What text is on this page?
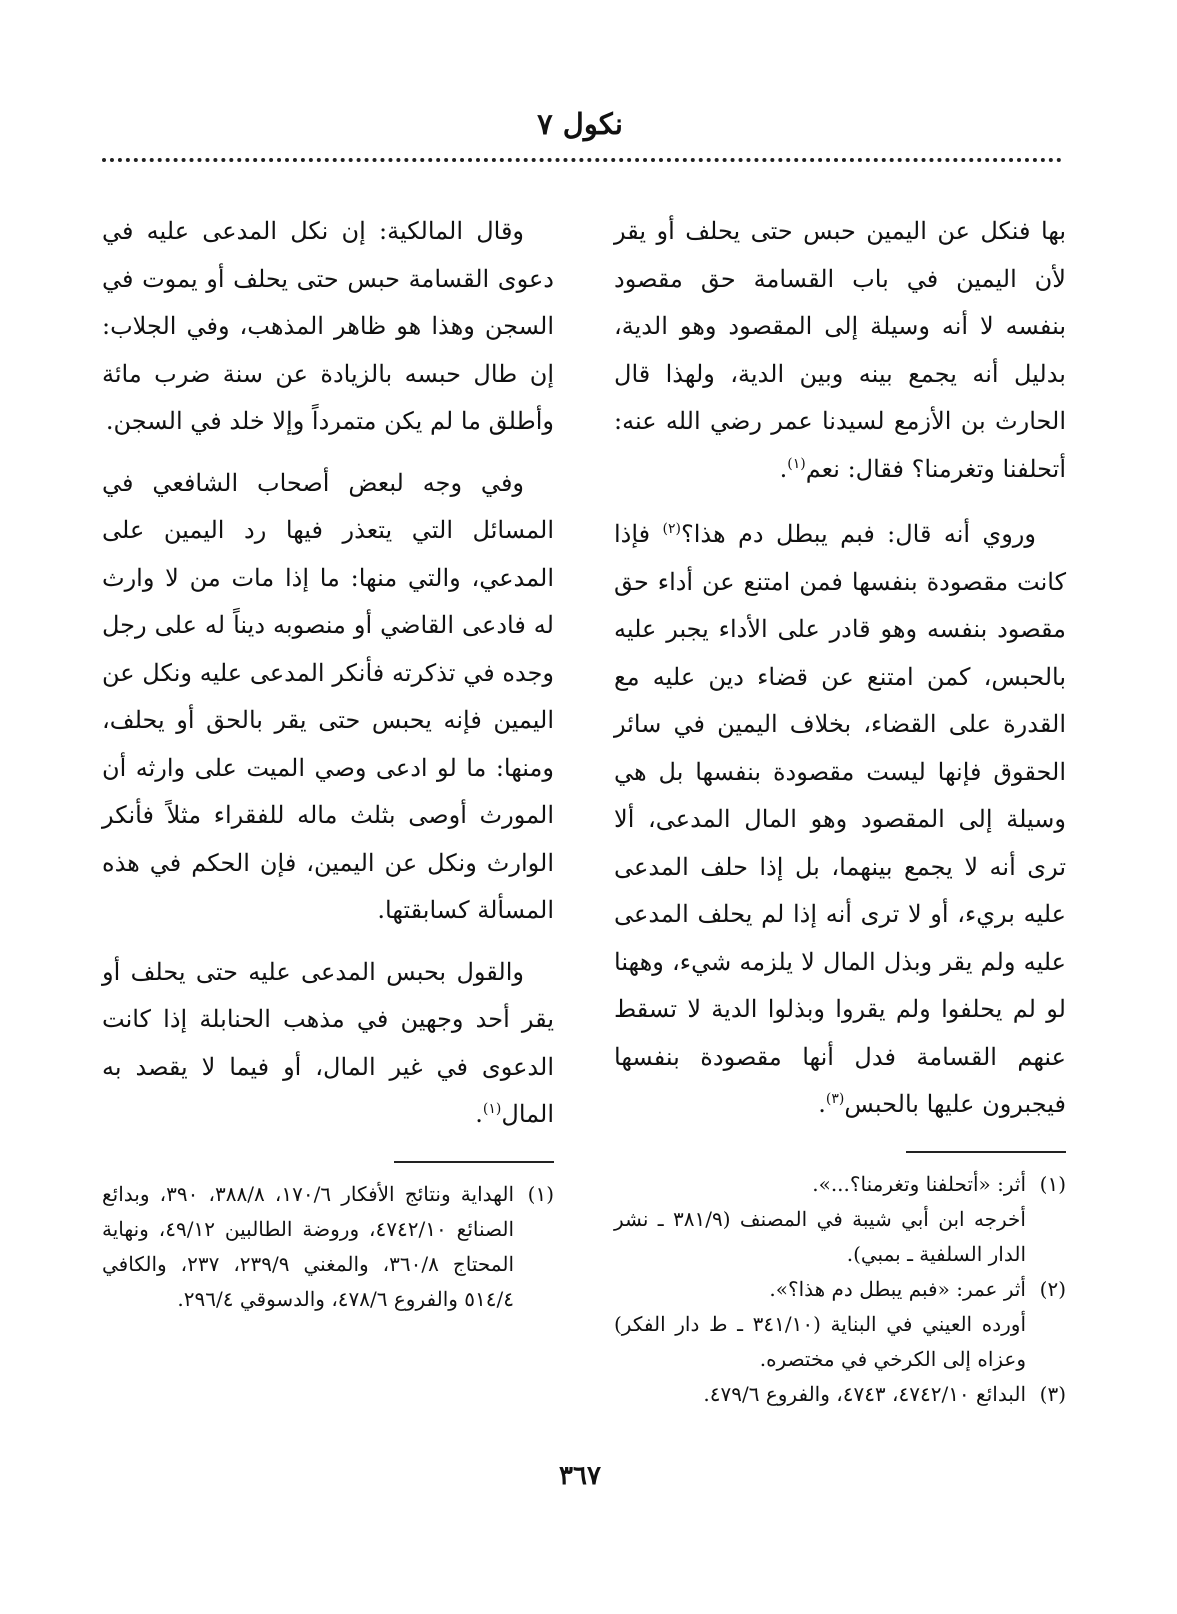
نكول ٧

بها فنكل عن اليمين حبس حتى يحلف أو يقر لأن اليمين في باب القسامة حق مقصود بنفسه لا أنه وسيلة إلى المقصود وهو الدية، بدليل أنه يجمع بينه وبين الدية، ولهذا قال الحارث بن الأزمع لسيدنا عمر رضي الله عنه: أتحلفنا وتغرمنا؟ فقال: نعم$^{(١)}$.

وروي أنه قال: فبم يبطل دم هذا؟$^{(٢)}$ فإذا كانت مقصودة بنفسها فمن امتنع عن أداء حق مقصود بنفسه وهو قادر على الأداء يجبر عليه بالحبس، كمن امتنع عن قضاء دين عليه مع القدرة على القضاء، بخلاف اليمين في سائر الحقوق فإنها ليست مقصودة بنفسها بل هي وسيلة إلى المقصود وهو المال المدعى، ألا ترى أنه لا يجمع بينهما، بل إذا حلف المدعى عليه بريء، أو لا ترى أنه إذا لم يحلف المدعى عليه ولم يقر وبذل المال لا يلزمه شيء، وههنا لو لم يحلفوا ولم يقروا وبذلوا الدية لا تسقط عنهم القسامة فدل أنها مقصودة بنفسها فيجبرون عليها بالحبس$^{(٣)}$.

(١)
أثر: «أتحلفنا وتغرمنا؟...».
أخرجه ابن أبي شيبة في المصنف (٣٨١/٩ ـ نشر الدار السلفية ـ بمبي).
(٢)
أثر عمر: «فبم يبطل دم هذا؟».
أورده العيني في البناية (٣٤١/١٠ ـ ط دار الفكر) وعزاه إلى الكرخي في مختصره.
(٣)
البدائع ٤٧٤٢/١٠، ٤٧٤٣، والفروع ٤٧٩/٦.

وقال المالكية: إن نكل المدعى عليه في دعوى القسامة حبس حتى يحلف أو يموت في السجن وهذا هو ظاهر المذهب، وفي الجلاب: إن طال حبسه بالزيادة عن سنة ضرب مائة وأطلق ما لم يكن متمرداً وإلا خلد في السجن.

وفي وجه لبعض أصحاب الشافعي في المسائل التي يتعذر فيها رد اليمين على المدعي، والتي منها: ما إذا مات من لا وارث له فادعى القاضي أو منصوبه ديناً له على رجل وجده في تذكرته فأنكر المدعى عليه ونكل عن اليمين فإنه يحبس حتى يقر بالحق أو يحلف، ومنها: ما لو ادعى وصي الميت على وارثه أن المورث أوصى بثلث ماله للفقراء مثلاً فأنكر الوارث ونكل عن اليمين، فإن الحكم في هذه المسألة كسابقتها.

والقول بحبس المدعى عليه حتى يحلف أو يقر أحد وجهين في مذهب الحنابلة إذا كانت الدعوى في غير المال، أو فيما لا يقصد به المال$^{(١)}$.

(١)
الهداية ونتائج الأفكار ١٧٠/٦، ٣٨٨/٨، ٣٩٠، وبدائع الصنائع ٤٧٤٢/١٠، وروضة الطالبين ٤٩/١٢، ونهاية المحتاج ٣٦٠/٨، والمغني ٢٣٩/٩، ٢٣٧، والكافي ٥١٤/٤ والفروع ٤٧٨/٦، والدسوقي ٢٩٦/٤.
٣٦٧
